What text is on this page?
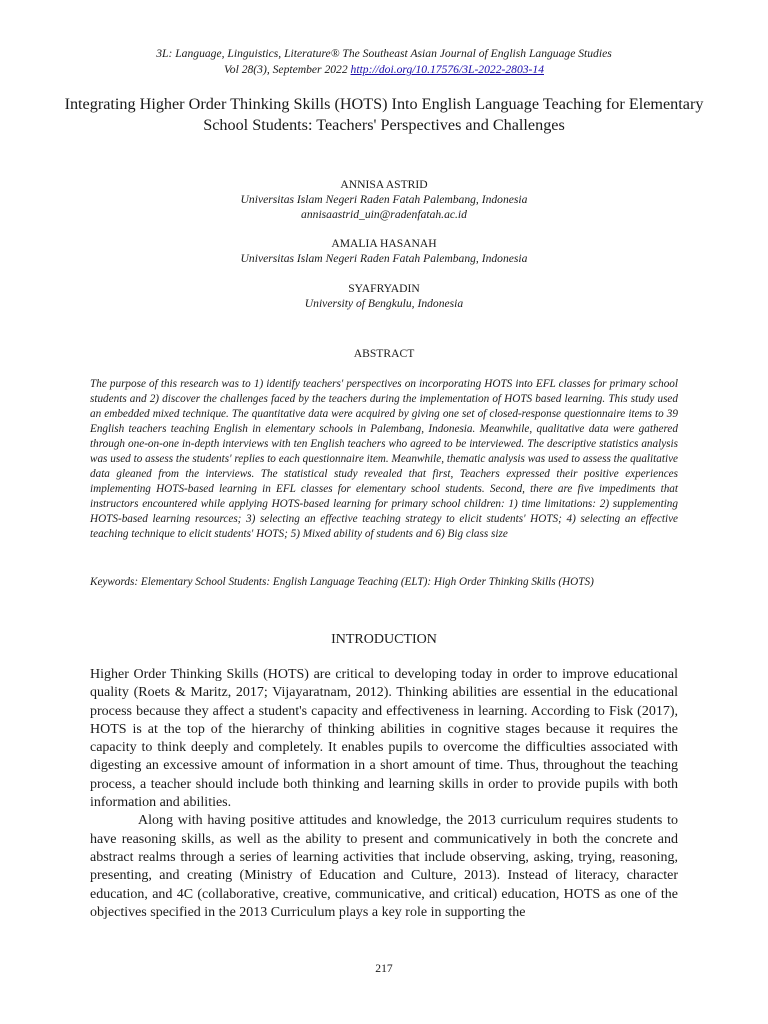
3L: Language, Linguistics, Literature® The Southeast Asian Journal of English Language Studies
Vol 28(3), September 2022 http://doi.org/10.17576/3L-2022-2803-14
Integrating Higher Order Thinking Skills (HOTS) Into English Language Teaching for Elementary School Students: Teachers' Perspectives and Challenges
ANNISA ASTRID
Universitas Islam Negeri Raden Fatah Palembang, Indonesia
annisaastrid_uin@radenfatah.ac.id
AMALIA HASANAH
Universitas Islam Negeri Raden Fatah Palembang, Indonesia
SYAFRYADIN
University of Bengkulu, Indonesia
ABSTRACT
The purpose of this research was to 1) identify teachers' perspectives on incorporating HOTS into EFL classes for primary school students and 2) discover the challenges faced by the teachers during the implementation of HOTS based learning. This study used an embedded mixed technique. The quantitative data were acquired by giving one set of closed-response questionnaire items to 39 English teachers teaching English in elementary schools in Palembang, Indonesia. Meanwhile, qualitative data were gathered through one-on-one in-depth interviews with ten English teachers who agreed to be interviewed. The descriptive statistics analysis was used to assess the students' replies to each questionnaire item. Meanwhile, thematic analysis was used to assess the qualitative data gleaned from the interviews. The statistical study revealed that first, Teachers expressed their positive experiences implementing HOTS-based learning in EFL classes for elementary school students. Second, there are five impediments that instructors encountered while applying HOTS-based learning for primary school children: 1) time limitations: 2) supplementing HOTS-based learning resources; 3) selecting an effective teaching strategy to elicit students' HOTS; 4) selecting an effective teaching technique to elicit students' HOTS; 5) Mixed ability of students and 6) Big class size
Keywords: Elementary School Students: English Language Teaching (ELT): High Order Thinking Skills (HOTS)
INTRODUCTION

Higher Order Thinking Skills (HOTS) are critical to developing today in order to improve educational quality (Roets & Maritz, 2017; Vijayaratnam, 2012). Thinking abilities are essential in the educational process because they affect a student's capacity and effectiveness in learning. According to Fisk (2017), HOTS is at the top of the hierarchy of thinking abilities in cognitive stages because it requires the capacity to think deeply and completely. It enables pupils to overcome the difficulties associated with digesting an excessive amount of information in a short amount of time. Thus, throughout the teaching process, a teacher should include both thinking and learning skills in order to provide pupils with both information and abilities.

Along with having positive attitudes and knowledge, the 2013 curriculum requires students to have reasoning skills, as well as the ability to present and communicatively in both the concrete and abstract realms through a series of learning activities that include observing, asking, trying, reasoning, presenting, and creating (Ministry of Education and Culture, 2013). Instead of literacy, character education, and 4C (collaborative, creative, communicative, and critical) education, HOTS as one of the objectives specified in the 2013 Curriculum plays a key role in supporting the

217
